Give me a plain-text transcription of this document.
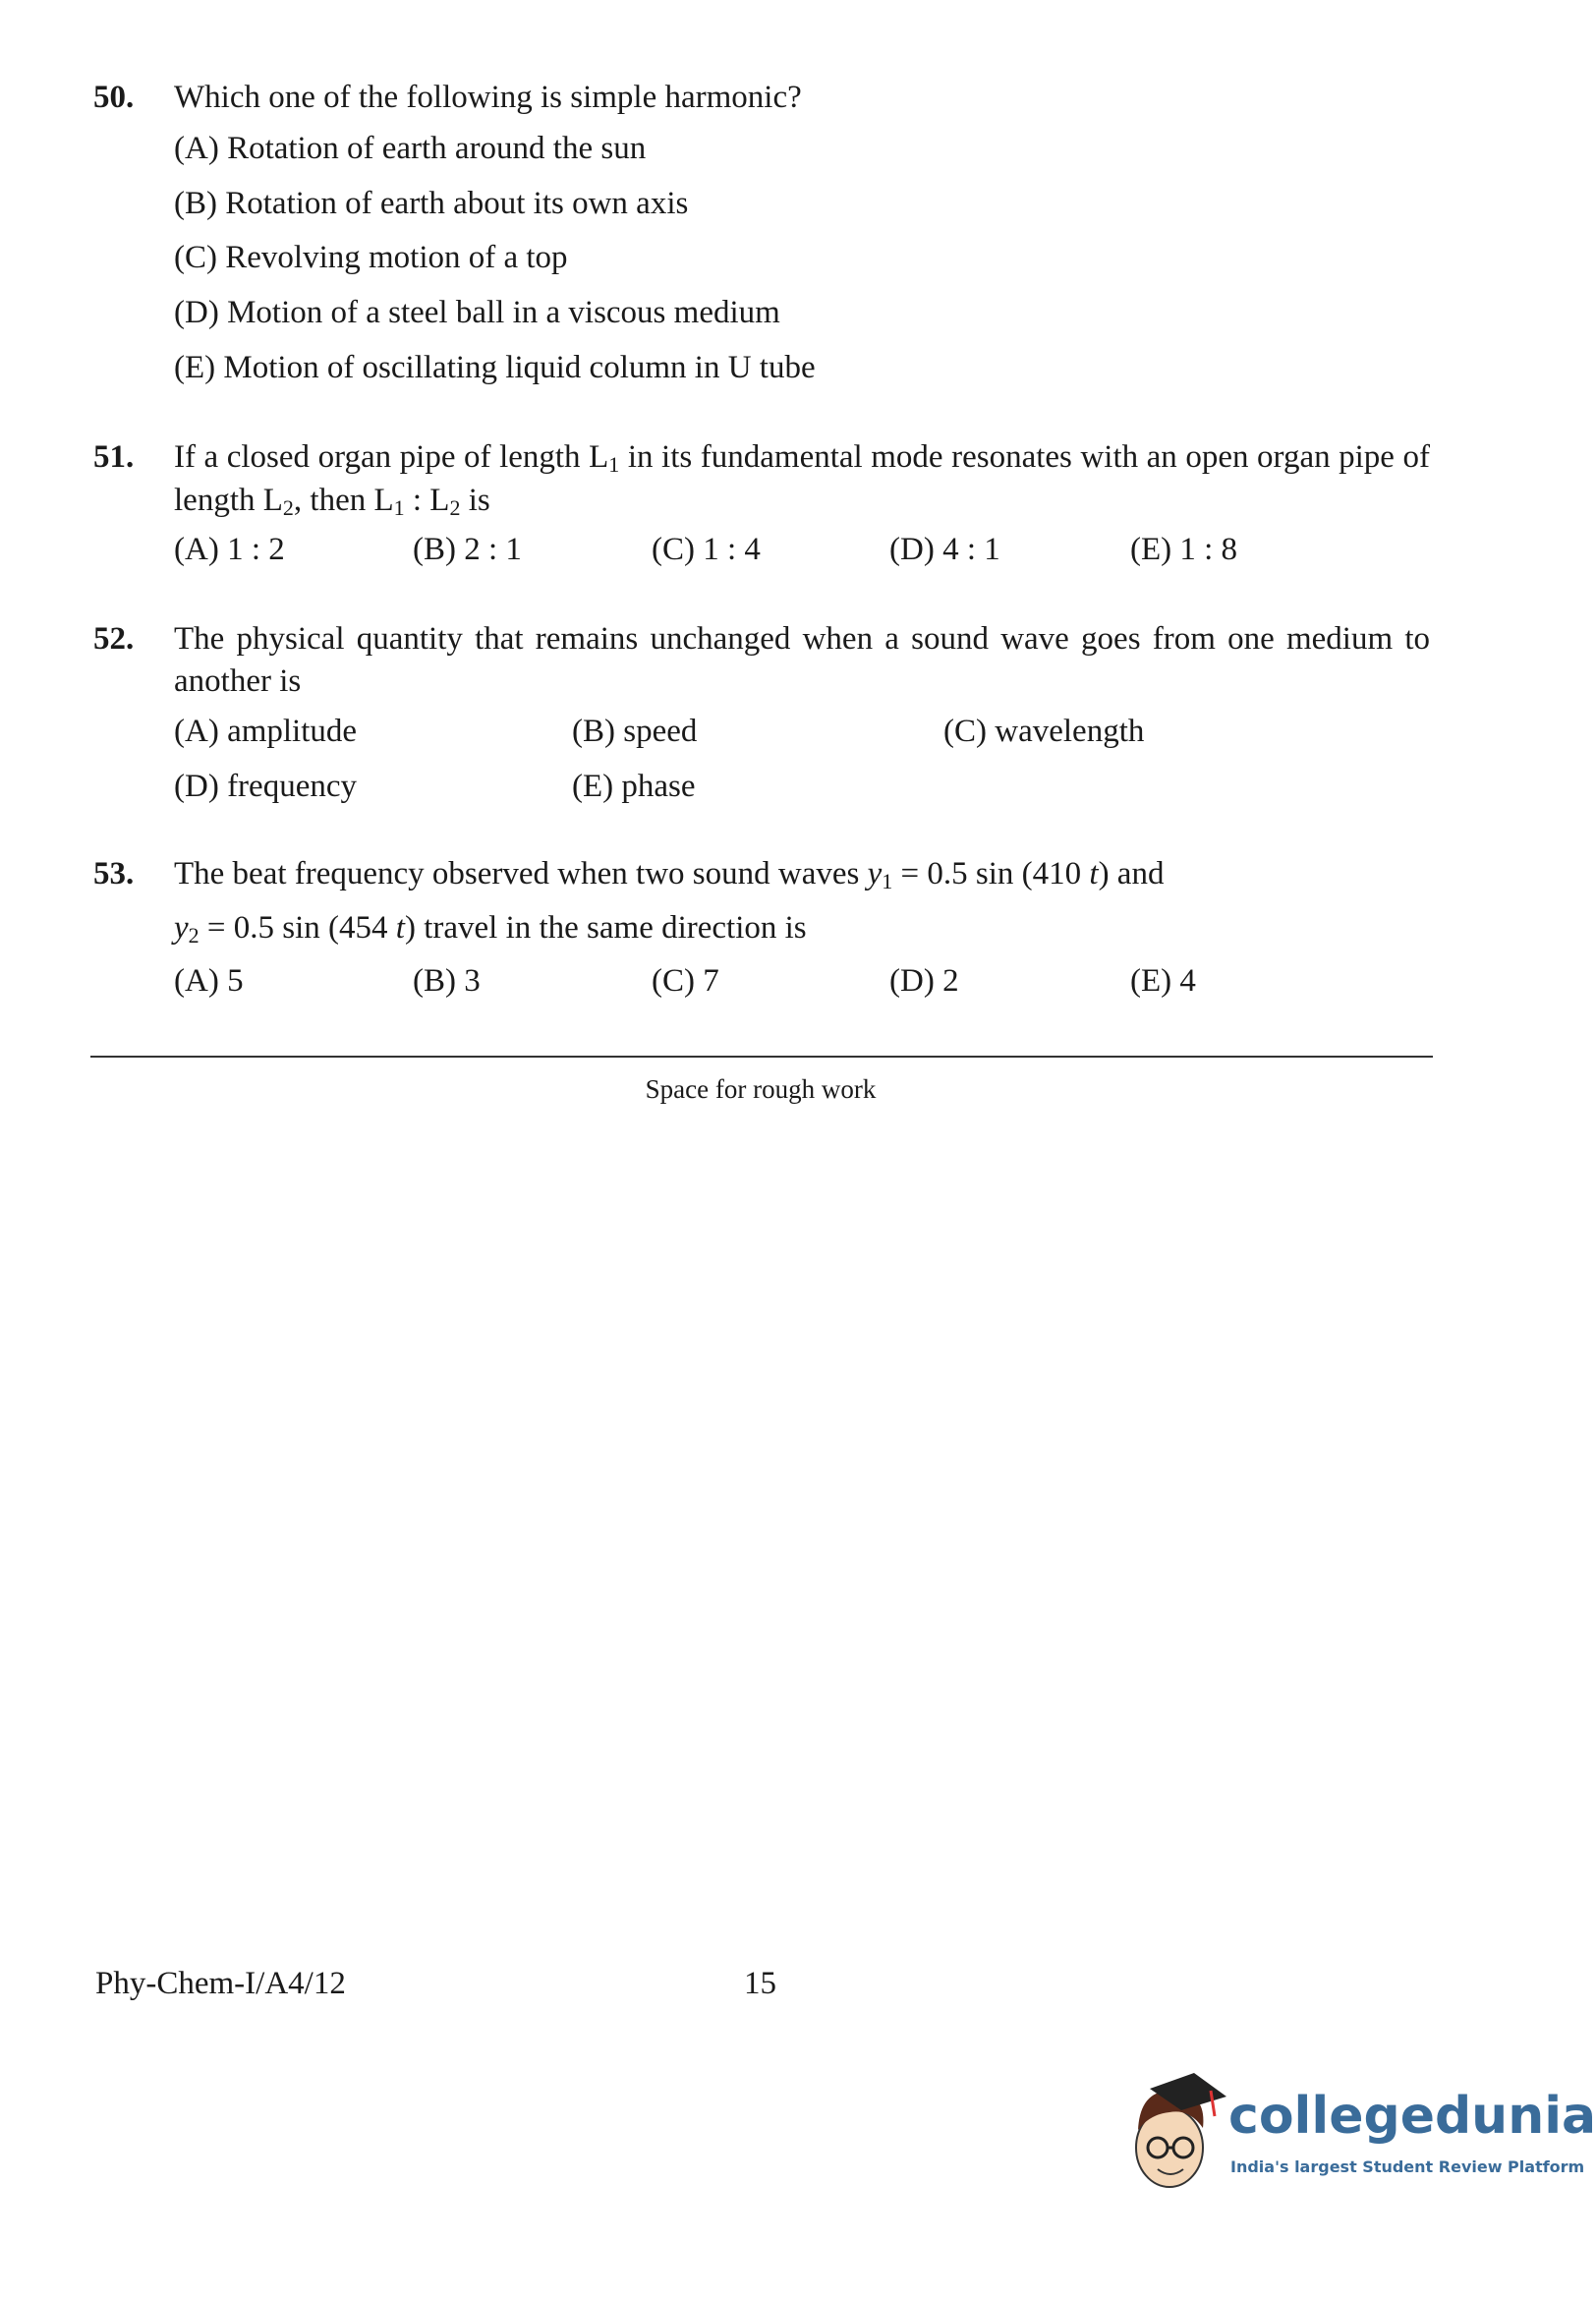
50. Which one of the following is simple harmonic?
(A) Rotation of earth around the sun
(B) Rotation of earth about its own axis
(C) Revolving motion of a top
(D) Motion of a steel ball in a viscous medium
(E) Motion of oscillating liquid column in U tube
51. If a closed organ pipe of length $L_1$ in its fundamental mode resonates with an open organ pipe of length $L_2$, then $L_1$ : $L_2$ is
(A) 1 : 2	(B) 2 : 1	(C) 1 : 4	(D) 4 : 1	(E) 1 : 8
52. The physical quantity that remains unchanged when a sound wave goes from one medium to another is
(A) amplitude	(B) speed	(C) wavelength
(D) frequency	(E) phase
53. The beat frequency observed when two sound waves $y_1 = 0.5$ sin (410 t) and
$y_2 = 0.5$ sin (454 t) travel in the same direction is
(A) 5	(B) 3	(C) 7	(D) 2	(E) 4
Space for rough work
Phy-Chem-I/A4/12	15
collegedunia
India's largest Student Review Platform
